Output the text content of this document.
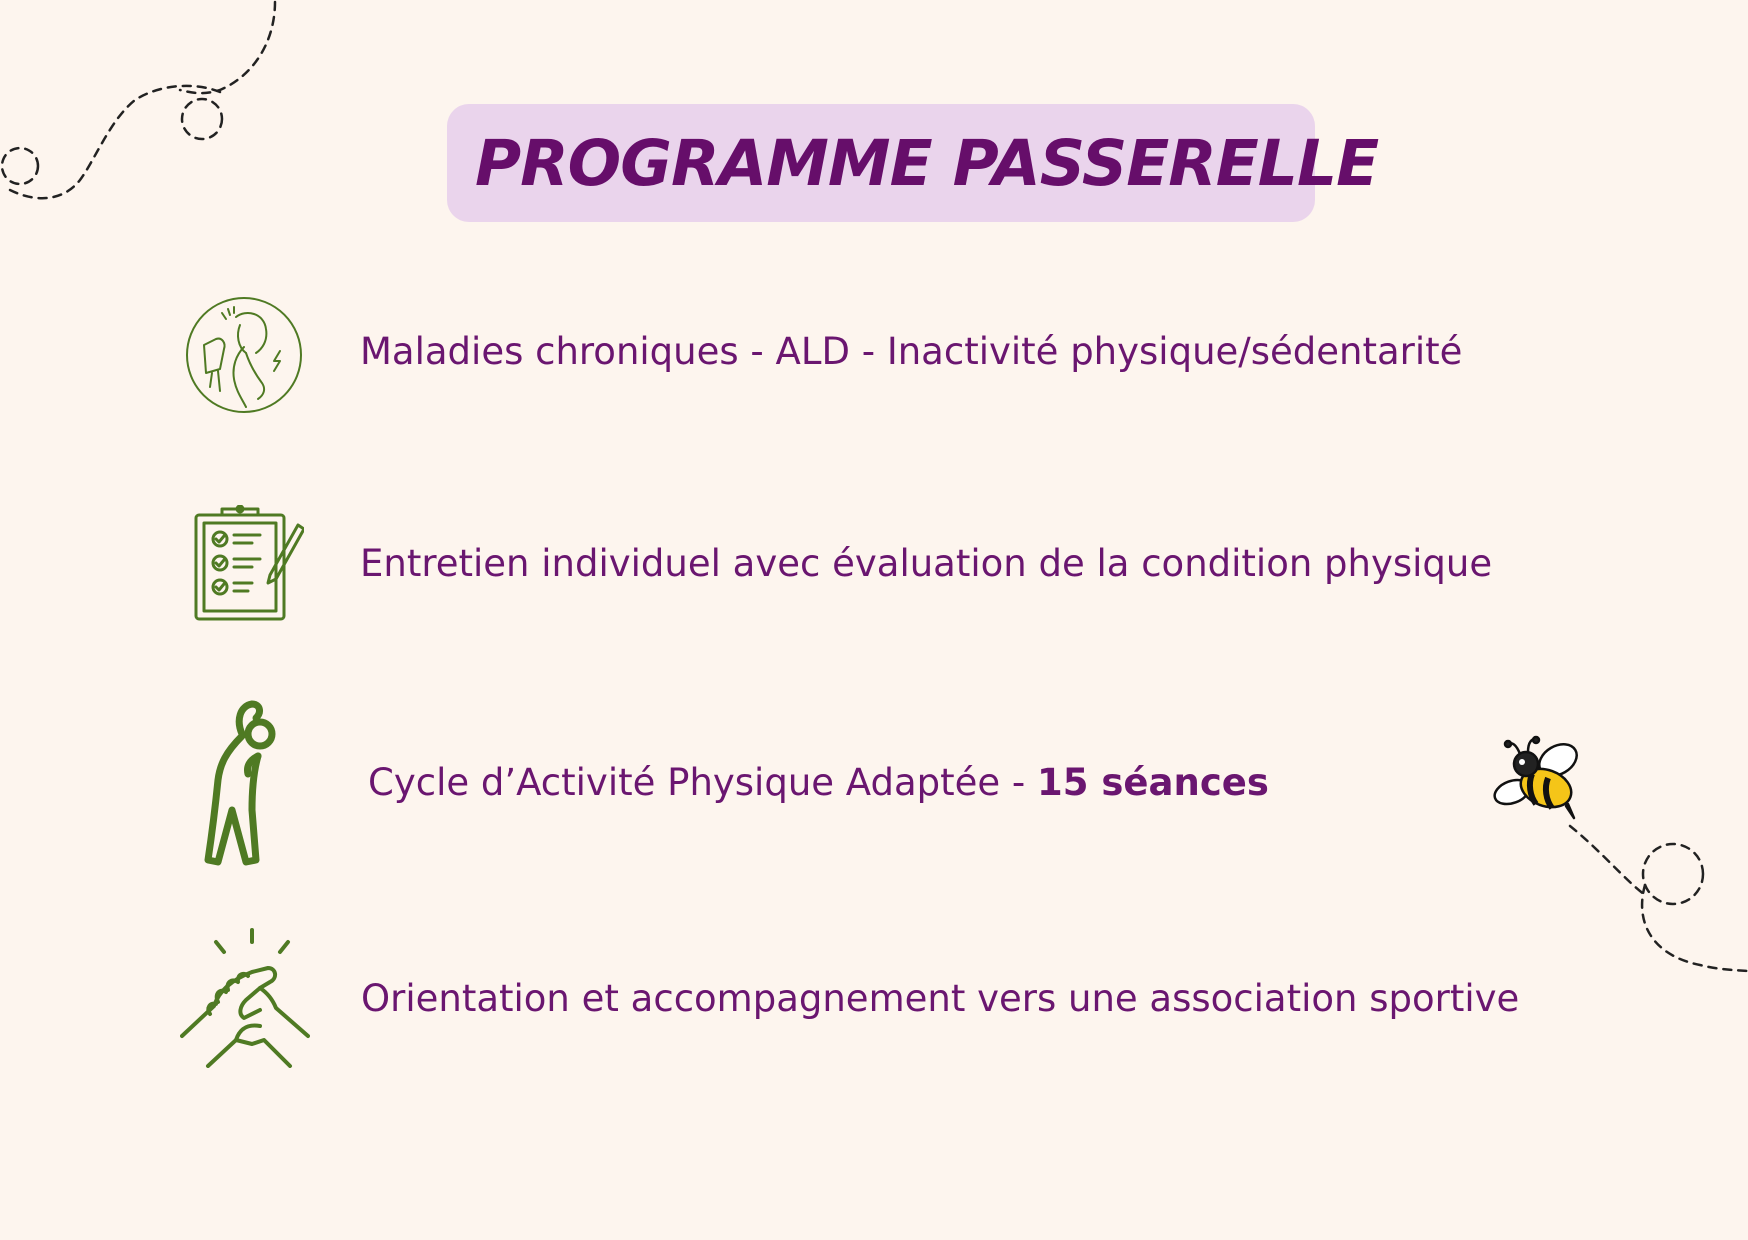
PROGRAMME PASSERELLE
Maladies chroniques - ALD - Inactivité physique/sédentarité
Entretien individuel avec évaluation de la condition physique
Cycle d’Activité Physique Adaptée - 15 séances
Orientation et accompagnement vers une association sportive
